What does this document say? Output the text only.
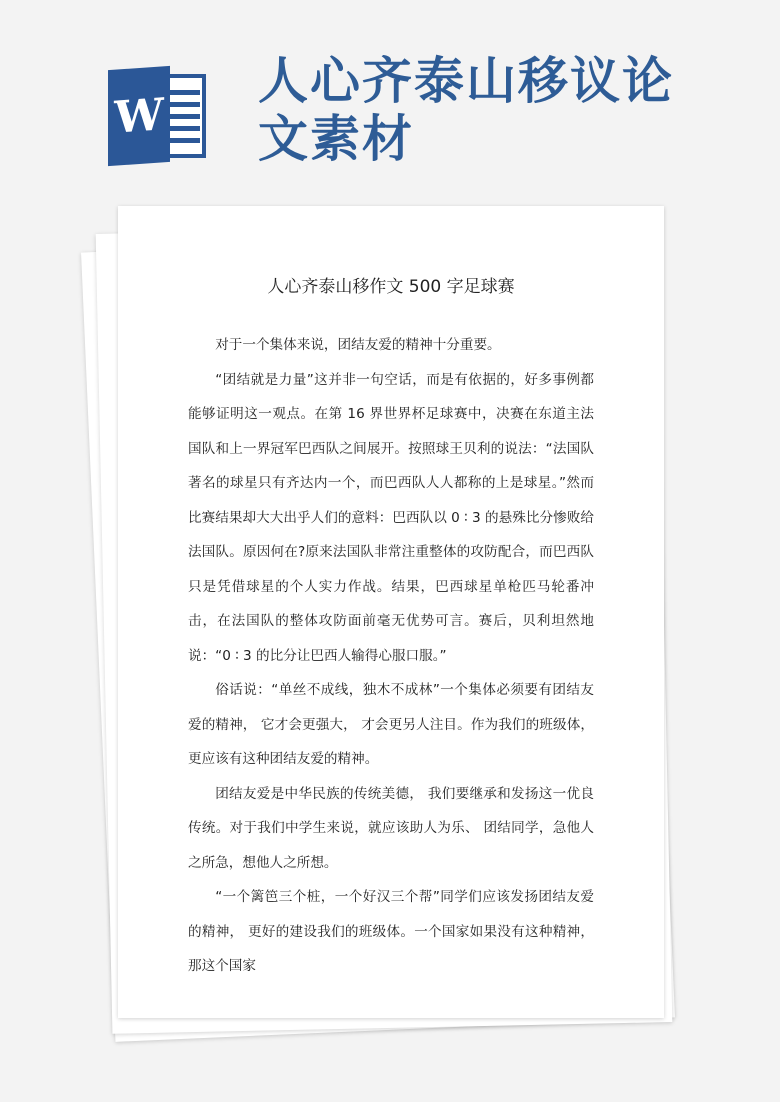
W
人心齐泰山移议论文素材
人心齐泰山移作文 500 字足球赛

对于一个集体来说，团结友爱的精神十分重要。

“团结就是力量”这并非一句空话，而是有依据的，好多事例都能够证明这一观点。在第 16 界世界杯足球赛中，决赛在东道主法国队和上一界冠军巴西队之间展开。按照球王贝利的说法：“法国队著名的球星只有齐达内一个，而巴西队人人都称的上是球星。”然而比赛结果却大大出乎人们的意料：巴西队以 0 ∶ 3 的悬殊比分惨败给法国队。原因何在?原来法国队非常注重整体的攻防配合，而巴西队只是凭借球星的个人实力作战。结果，巴西球星单枪匹马轮番冲击，在法国队的整体攻防面前毫无优势可言。赛后，贝利坦然地说：“0 ∶ 3 的比分让巴西人输得心服口服。”

俗话说：“单丝不成线，独木不成林”一个集体必须要有团结友爱的精神， 它才会更强大， 才会更另人注目。作为我们的班级体， 更应该有这种团结友爱的精神。

团结友爱是中华民族的传统美德， 我们要继承和发扬这一优良传统。对于我们中学生来说，就应该助人为乐、 团结同学，急他人之所急，想他人之所想。

“一个篱笆三个桩，一个好汉三个帮”同学们应该发扬团结友爱的精神， 更好的建设我们的班级体。一个国家如果没有这种精神， 那这个国家
